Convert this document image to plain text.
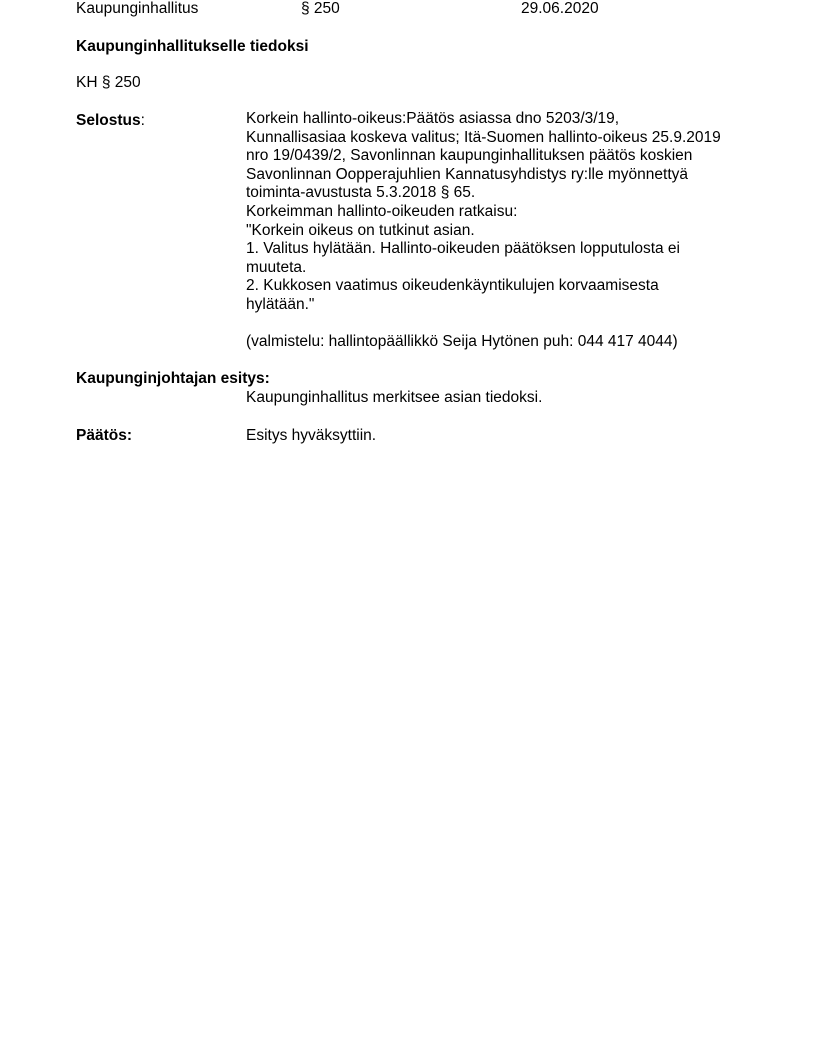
Kaupunginhallitus	§ 250	29.06.2020
Kaupunginhallitukselle tiedoksi
KH § 250
Selostus:	Korkein hallinto-oikeus:Päätös asiassa dno 5203/3/19,
Kunnallisasiaa koskeva valitus; Itä-Suomen hallinto-oikeus 25.9.2019
nro 19/0439/2, Savonlinnan kaupunginhallituksen päätös koskien
Savonlinnan Oopperajuhlien Kannatusyhdistys ry:lle myönnettyä
toiminta-avustusta 5.3.2018 § 65.
Korkeimman hallinto-oikeuden ratkaisu:
"Korkein oikeus on tutkinut asian.
1. Valitus hylätään. Hallinto-oikeuden päätöksen lopputulosta ei
muuteta.
2. Kukkosen vaatimus oikeudenkäyntikulujen korvaamisesta
hylätään."
(valmistelu: hallintopäällikkö Seija Hytönen puh: 044 417 4044)
Kaupunginjohtajan esitys:
Kaupunginhallitus merkitsee asian tiedoksi.
Päätös:	Esitys hyväksyttiin.
